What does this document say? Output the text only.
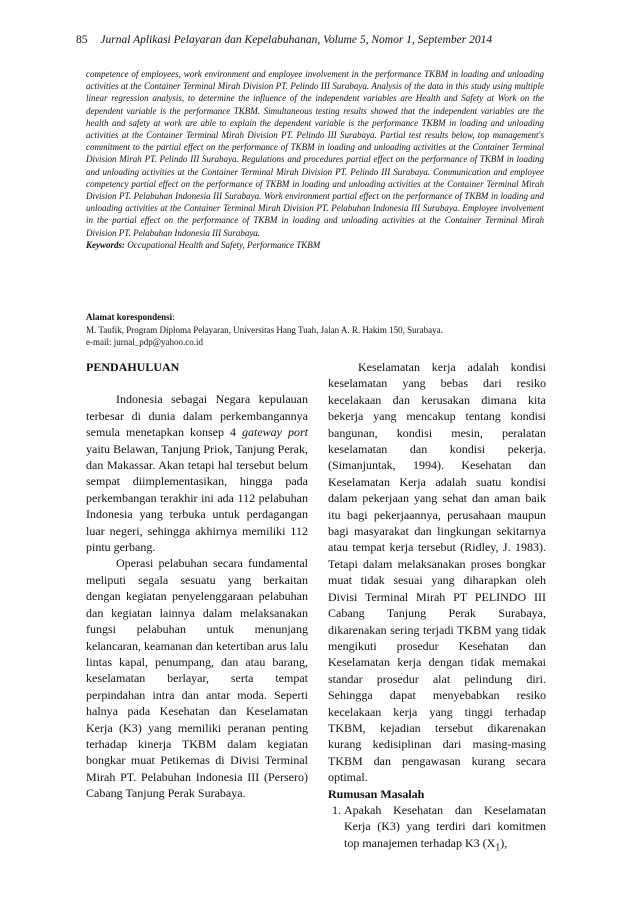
85 Jurnal Aplikasi Pelayaran dan Kepelabuhanan, Volume 5, Nomor 1, September 2014

competence of employees, work environment and employee involvement in the performance TKBM in loading and unloading activities at the Container Terminal Mirah Division PT. Pelindo III Surabaya. Analysis of the data in this study using multiple linear regression analysis, to determine the influence of the independent variables are Health and Safety at Work on the dependent variable is the performance TKBM. Simultaneous testing results showed that the independent variables are the health and safety at work are able to explain the dependent variable is the performance TKBM in loading and unloading activities at the Container Terminal Mirah Division PT. Pelindo III Surabaya. Partial test results below, top management's commitment to the partial effect on the performance of TKBM in loading and unloading activities at the Container Terminal Division Mirah PT. Pelindo III Surabaya. Regulations and procedures partial effect on the performance of TKBM in loading and unloading activities at the Container Terminal Mirah Division PT. Pelindo III Surabaya. Communication and employee competency partial effect on the performance of TKBM in loading and unloading activities at the Container Terminal Mirah Division PT. Pelabuhan Indonesia III Surabaya. Work environment partial effect on the performance of TKBM in loading and unloading activities at the Container Terminal Mirah Division PT. Pelabuhan Indonesia III Surabaya. Employee involvement in the partial effect on the performance of TKBM in loading and unloading activities at the Container Terminal Mirah Division PT. Pelabuhan Indonesia III Surabaya.

Keywords: Occupational Health and Safety, Performance TKBM

Alamat korespondensi:

M. Taufik, Program Diploma Pelayaran, Universitas Hang Tuah, Jalan A. R. Hakim 150, Surabaya.

e-mail: jurnal_pdp@yahoo.co.id

PENDAHULUAN

Indonesia sebagai Negara kepulauan terbesar di dunia dalam perkembangannya semula menetapkan konsep 4 gateway port yaitu Belawan, Tanjung Priok, Tanjung Perak, dan Makassar. Akan tetapi hal tersebut belum sempat diimplementasikan, hingga pada perkembangan terakhir ini ada 112 pelabuhan Indonesia yang terbuka untuk perdagangan luar negeri, sehingga akhirnya memiliki 112 pintu gerbang.

Operasi pelabuhan secara fundamental meliputi segala sesuatu yang berkaitan dengan kegiatan penyelenggaraan pelabuhan dan kegiatan lainnya dalam melaksanakan fungsi pelabuhan untuk menunjang kelancaran, keamanan dan ketertiban arus lalu lintas kapal, penumpang, dan atau barang, keselamatan berlayar, serta tempat perpindahan intra dan antar moda. Seperti halnya pada Kesehatan dan Keselamatan Kerja (K3) yang memiliki peranan penting terhadap kinerja TKBM dalam kegiatan bongkar muat Petikemas di Divisi Terminal Mirah PT. Pelabuhan Indonesia III (Persero) Cabang Tanjung Perak Surabaya.

Keselamatan kerja adalah kondisi keselamatan yang bebas dari resiko kecelakaan dan kerusakan dimana kita bekerja yang mencakup tentang kondisi bangunan, kondisi mesin, peralatan keselamatan dan kondisi pekerja. (Simanjuntak, 1994). Kesehatan dan Keselamatan Kerja adalah suatu kondisi dalam pekerjaan yang sehat dan aman baik itu bagi pekerjaannya, perusahaan maupun bagi masyarakat dan lingkungan sekitarnya atau tempat kerja tersebut (Ridley, J. 1983). Tetapi dalam melaksanakan proses bongkar muat tidak sesuai yang diharapkan oleh Divisi Terminal Mirah PT PELINDO III Cabang Tanjung Perak Surabaya, dikarenakan sering terjadi TKBM yang tidak mengikuti prosedur Kesehatan dan Keselamatan kerja dengan tidak memakai standar prosedur alat pelindung diri. Sehingga dapat menyebabkan resiko kecelakaan kerja yang tinggi terhadap TKBM, kejadian tersebut dikarenakan kurang kedisiplinan dari masing-masing TKBM dan pengawasan kurang secara optimal.

Rumusan Masalah

1. Apakah Kesehatan dan Keselamatan Kerja (K3) yang terdiri dari komitmen top manajemen terhadap K3 $(X_1)$,
